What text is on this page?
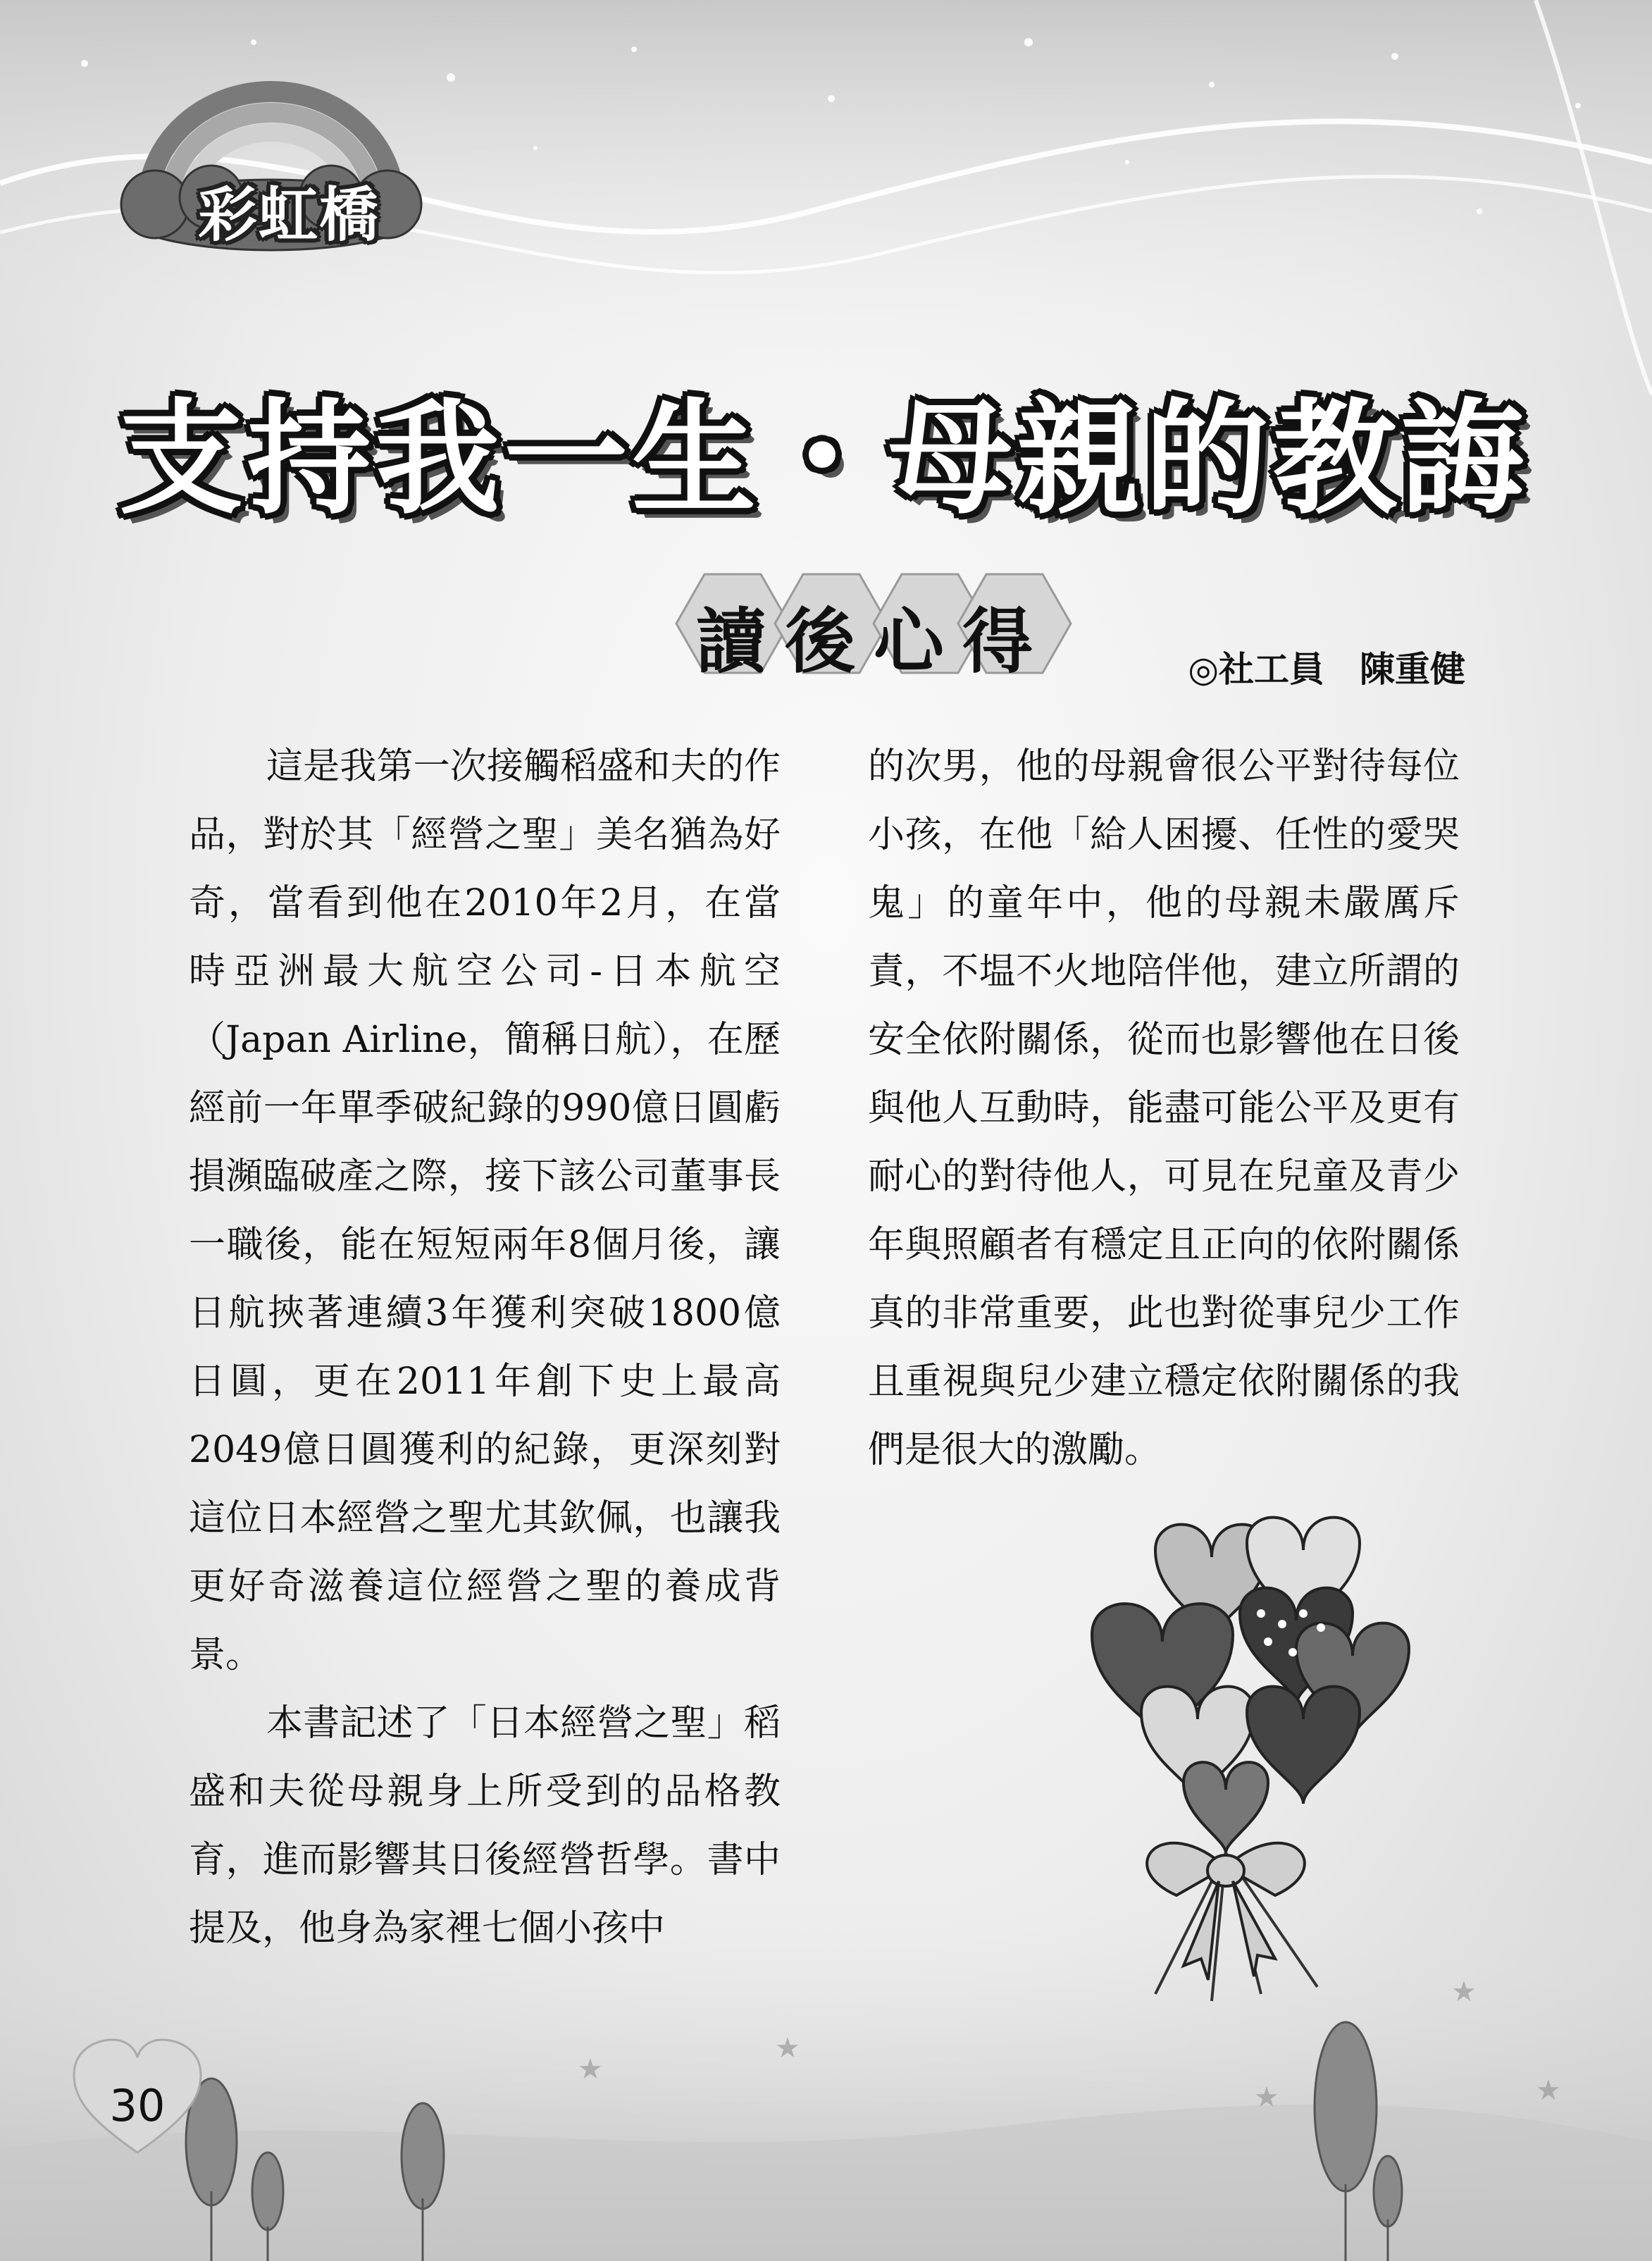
★
★
★	★
★
彩虹橋
支持我一生・母親的教誨
讀後心得	◎社工員　陳重健

這是我第一次接觸稻盛和夫的作品，對於其「經營之聖」美名猶為好奇，當看到他在2010年2月，在當時亞洲最大航空公司-日本航空（Japan Airline，簡稱日航），在歷經前一年單季破紀錄的990億日圓虧損瀕臨破產之際，接下該公司董事長一職後，能在短短兩年8個月後，讓日航挾著連續3年獲利突破1800億日圓，更在2011年創下史上最高2049億日圓獲利的紀錄，更深刻對這位日本經營之聖尤其欽佩，也讓我更好奇滋養這位經營之聖的養成背景。

本書記述了「日本經營之聖」稻盛和夫從母親身上所受到的品格教育，進而影響其日後經營哲學。書中提及，他身為家裡七個小孩中

的次男，他的母親會很公平對待每位小孩，在他「給人困擾、任性的愛哭鬼」的童年中，他的母親未嚴厲斥責，不塭不火地陪伴他，建立所謂的安全依附關係，從而也影響他在日後與他人互動時，能盡可能公平及更有耐心的對待他人，可見在兒童及青少年與照顧者有穩定且正向的依附關係真的非常重要，此也對從事兒少工作且重視與兒少建立穩定依附關係的我們是很大的激勵。

30
